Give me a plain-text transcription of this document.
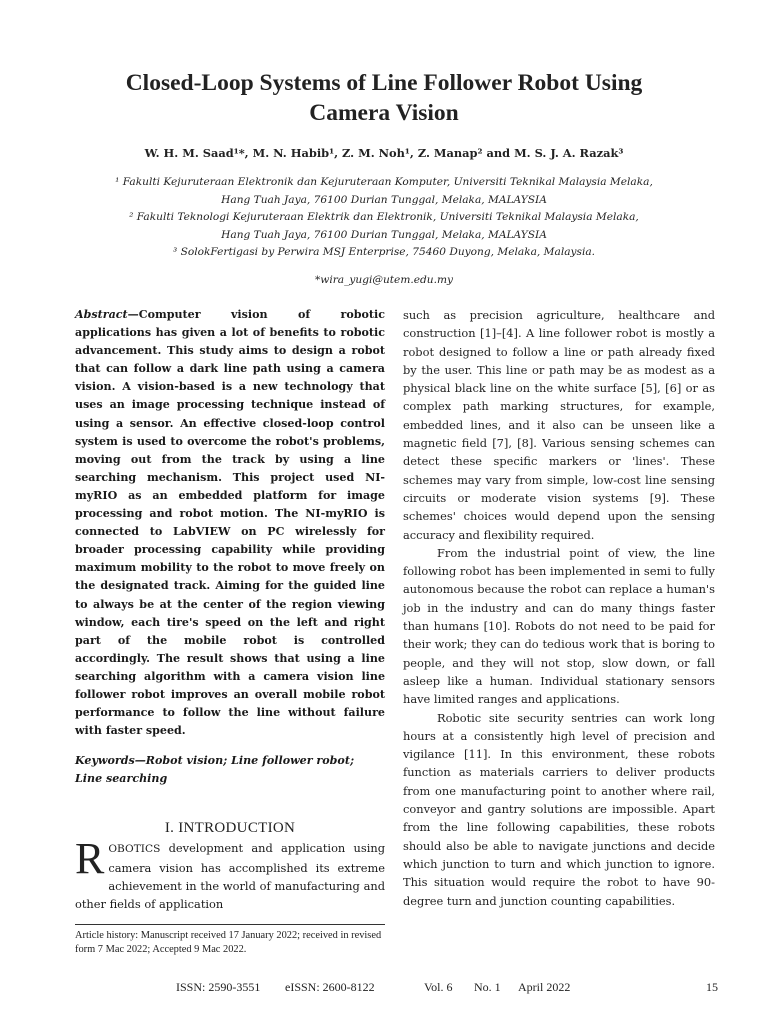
Closed-Loop Systems of Line Follower Robot Using
Camera Vision
W. H. M. Saad¹*, M. N. Habib¹, Z. M. Noh¹, Z. Manap² and M. S. J. A. Razak³
¹ Fakulti Kejuruteraan Elektronik dan Kejuruteraan Komputer, Universiti Teknikal Malaysia Melaka,
Hang Tuah Jaya, 76100 Durian Tunggal, Melaka, MALAYSIA
² Fakulti Teknologi Kejuruteraan Elektrik dan Elektronik, Universiti Teknikal Malaysia Melaka,
Hang Tuah Jaya, 76100 Durian Tunggal, Melaka, MALAYSIA
³ SolokFertigasi by Perwira MSJ Enterprise, 75460 Duyong, Melaka, Malaysia.
*wira_yugi@utem.edu.my

Abstract—Computer vision of robotic applications has given a lot of benefits to robotic advancement. This study aims to design a robot that can follow a dark line path using a camera vision. A vision-based is a new technology that uses an image processing technique instead of using a sensor. An effective closed-loop control system is used to overcome the robot's problems, moving out from the track by using a line searching mechanism. This project used NI-myRIO as an embedded platform for image processing and robot motion. The NI-myRIO is connected to LabVIEW on PC wirelessly for broader processing capability while providing maximum mobility to the robot to move freely on the designated track. Aiming for the guided line to always be at the center of the region viewing window, each tire's speed on the left and right part of the mobile robot is controlled accordingly. The result shows that using a line searching algorithm with a camera vision line follower robot improves an overall mobile robot performance to follow the line without failure with faster speed.

Keywords—Robot vision; Line follower robot; Line searching

I. INTRODUCTION

ROBOTICS development and application using camera vision has accomplished its extreme achievement in the world of manufacturing and other fields of application

such as precision agriculture, healthcare and construction [1]–[4]. A line follower robot is mostly a robot designed to follow a line or path already fixed by the user. This line or path may be as modest as a physical black line on the white surface [5], [6] or as complex path marking structures, for example, embedded lines, and it also can be unseen like a magnetic field [7], [8]. Various sensing schemes can detect these specific markers or 'lines'. These schemes may vary from simple, low-cost line sensing circuits or moderate vision systems [9]. These schemes' choices would depend upon the sensing accuracy and flexibility required.

From the industrial point of view, the line following robot has been implemented in semi to fully autonomous because the robot can replace a human's job in the industry and can do many things faster than humans [10]. Robots do not need to be paid for their work; they can do tedious work that is boring to people, and they will not stop, slow down, or fall asleep like a human. Individual stationary sensors have limited ranges and applications.

Robotic site security sentries can work long hours at a consistently high level of precision and vigilance [11]. In this environment, these robots function as materials carriers to deliver products from one manufacturing point to another where rail, conveyor and gantry solutions are impossible. Apart from the line following capabilities, these robots should also be able to navigate junctions and decide which junction to turn and which junction to ignore. This situation would require the robot to have 90-degree turn and junction counting capabilities.

Article history: Manuscript received 17 January 2022; received in revised form 7 Mac 2022; Accepted 9 Mac 2022.
ISSN: 2590-3551 eISSN: 2600-8122	Vol. 6 No. 1 April 2022	15
